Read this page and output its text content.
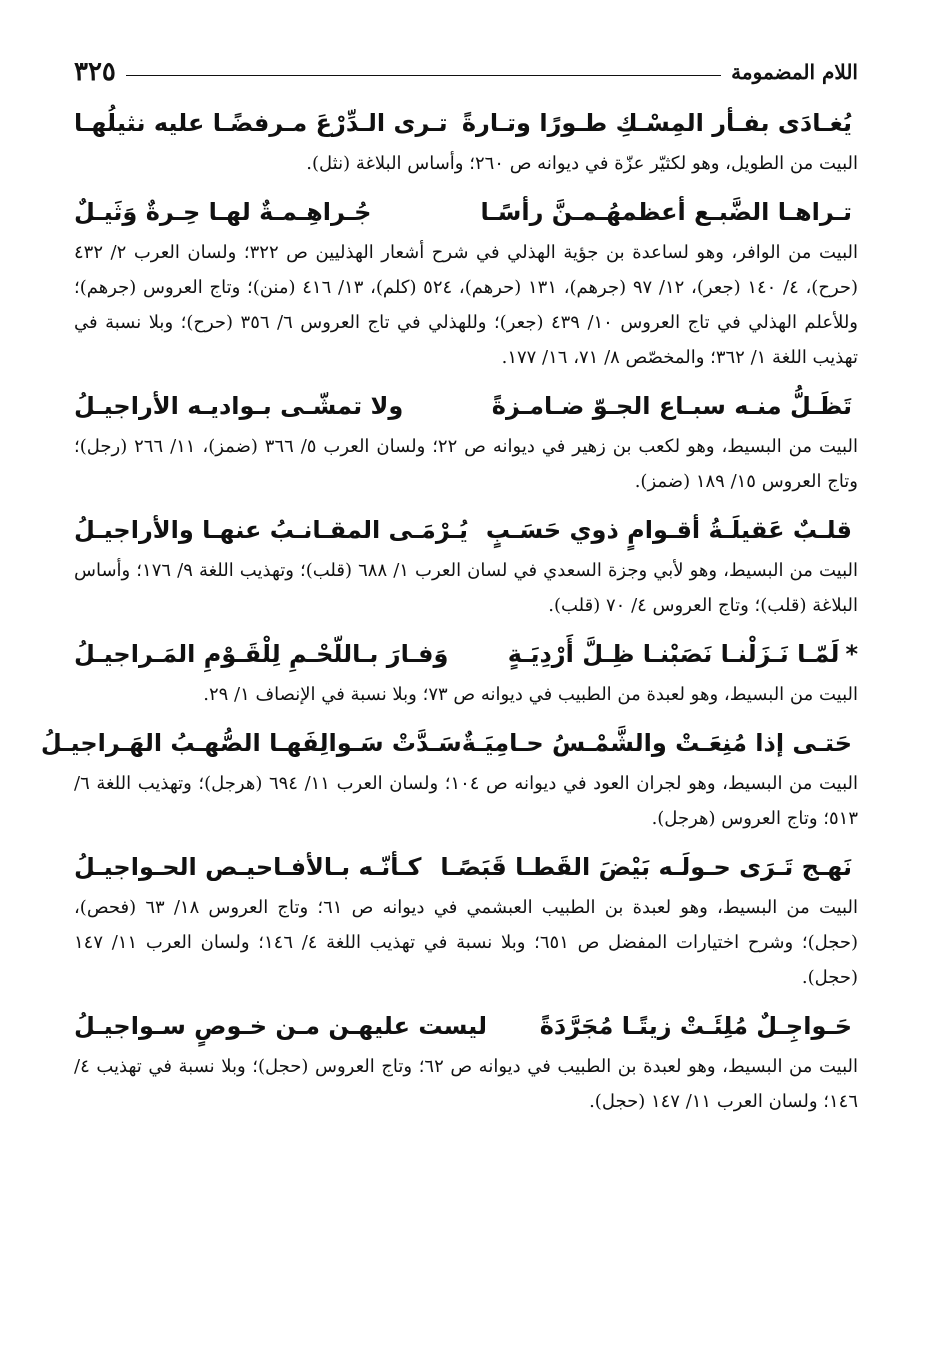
اللام المضمومة
٣٢٥
يُغـادَى بفـأر المِسْـكِ طـورًا وتـارةً
تـرى الـدِّرْعَ مـرفضًـا عليه نثيلُهـا
البيت من الطويل، وهو لكثيّر عزّة في ديوانه ص ٢٦٠؛ وأساس البلاغة (نثل).
تـراهـا الضَّبـع أعظمهُـمـنَّ رأسًـا
جُـراهِـمـةٌ لهـا حِـرةٌ وَثَيـلٌ
البيت من الوافر، وهو لساعدة بن جؤية الهذلي في شرح أشعار الهذليين ص ٣٢٢؛ ولسان العرب ٢/ ٤٣٢ (حرح)، ٤/ ١٤٠ (جعر)، ١٢/ ٩٧ (جرهم)، ١٣١ (حرهم)، ٥٢٤ (كلم)، ١٣/ ٤١٦ (منن)؛ وتاج العروس (جرهم)؛ وللأعلم الهذلي في تاج العروس ١٠/ ٤٣٩ (جعر)؛ وللهذلي في تاج العروس ٦/ ٣٥٦ (حرح)؛ وبلا نسبة في تهذيب اللغة ١/ ٣٦٢؛ والمخصّص ٨/ ٧١، ١٦/ ١٧٧.
تَظَـلُّ منـه سبـاع الجـوّ ضـامـزةً
ولا تمشّـى بـواديـه الأراجيـلُ
البيت من البسيط، وهو لكعب بن زهير في ديوانه ص ٢٢؛ ولسان العرب ٥/ ٣٦٦ (ضمز)، ١١/ ٢٦٦ (رجل)؛ وتاج العروس ١٥/ ١٨٩ (ضمز).
قلـبٌ عَقيلَـةُ أقـوامٍ ذوي حَسَـبٍ
يُـرْمَـى المقـانـبُ عنهـا والأراجيـلُ
البيت من البسيط، وهو لأبي وجزة السعدي في لسان العرب ١/ ٦٨٨ (قلب)؛ وتهذيب اللغة ٩/ ١٧٦؛ وأساس البلاغة (قلب)؛ وتاج العروس ٤/ ٧٠ (قلب).
*لَمّـا نَـزَلْنـا نَصَبْنـا ظِـلَّ أَرْدِيَـةٍ
وَفـارَ بـاللّحْـمِ لِلْقَـوْمِ المَـراجيـلُ
البيت من البسيط، وهو لعبدة من الطبيب في ديوانه ص ٧٣؛ وبلا نسبة في الإنصاف ١/ ٢٩.
حَتـى إذا مُنِعَـتْ والشَّمْـسُ حـامِيَـةٌ
سَـدَّتْ سَـوالِفَهـا الصُّهـبُ الهَـراجيـلُ
البيت من البسيط، وهو لجران العود في ديوانه ص ١٠٤؛ ولسان العرب ١١/ ٦٩٤ (هرجل)؛ وتهذيب اللغة ٦/ ٥١٣؛ وتاج العروس (هرجل).
نَهـج تَـرَى حـولَـه بَيْضَ القَطـا قَبَصًـا
كـأنّـه بـالأفـاحيـص الحـواجيـلُ
البيت من البسيط، وهو لعبدة بن الطبيب العبشمي في ديوانه ص ٦١؛ وتاج العروس ١٨/ ٦٣ (فحص)، (حجل)؛ وشرح اختيارات المفضل ص ٦٥١؛ وبلا نسبة في تهذيب اللغة ٤/ ١٤٦؛ ولسان العرب ١١/ ١٤٧ (حجل).
حَـواجِـلٌ مُلِئَـتْ زيتًـا مُجَرَّدَةً
ليست عليهـن مـن خـوصٍ سـواجيـلُ
البيت من البسيط، وهو لعبدة بن الطبيب في ديوانه ص ٦٢؛ وتاج العروس (حجل)؛ وبلا نسبة في تهذيب ٤/ ١٤٦؛ ولسان العرب ١١/ ١٤٧ (حجل).
